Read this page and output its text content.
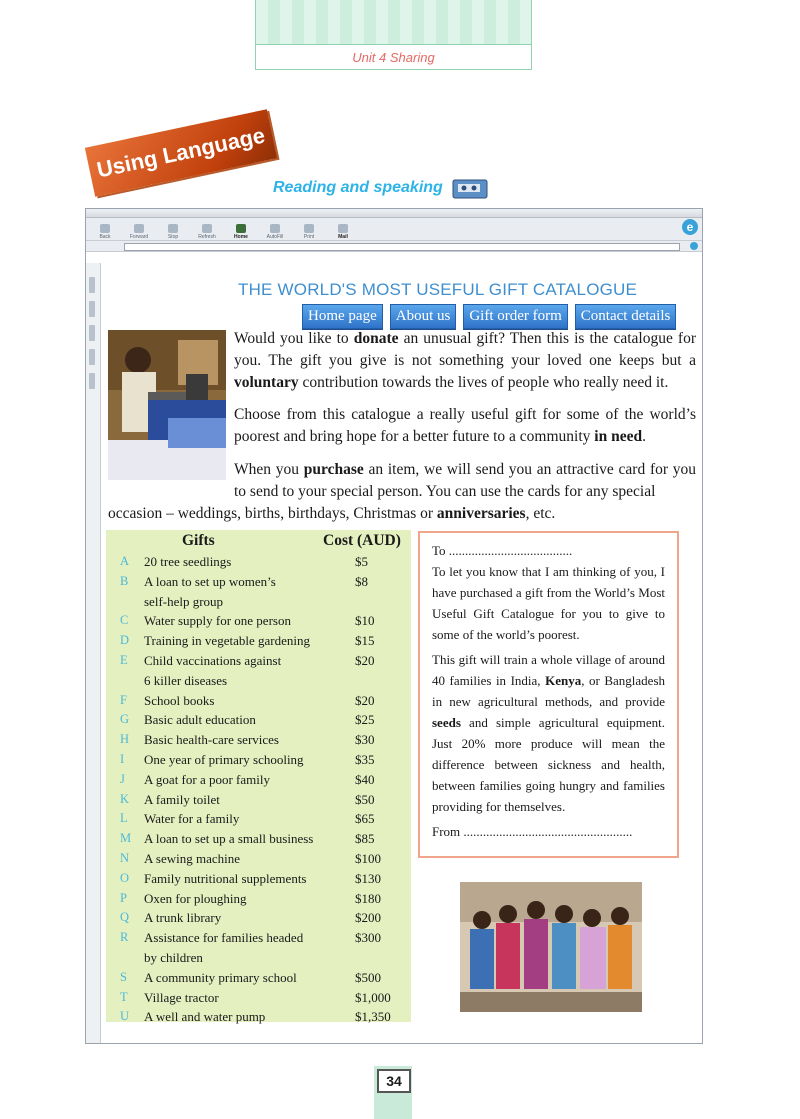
Unit 4 Sharing
Using Language
Reading and speaking
Back	Forward	Stop	Refresh	Home	AutoFill	Print	Mail
e
THE WORLD'S MOST USEFUL GIFT CATALOGUE
Home page	About us	Gift order form	Contact details
Would you like to donate an unusual gift? Then this is the catalogue for you. The gift you give is not something your loved one keeps but a voluntary contribution towards the lives of people who really need it.
Choose from this catalogue a really useful gift for some of the world’s poorest and bring hope for a better future to a community in need.
When you purchase an item, we will send you an attractive card for you to send to your special person. You can use the cards for any special
occasion – weddings, births, birthdays, Christmas or anniversaries, etc.
Gifts	Cost (AUD)
A 20 tree seedlings	$5
B A loan to set up women’s
self-help group
$8
C Water supply for one person	$10
D Training in vegetable gardening	$15
E Child vaccinations against
6 killer diseases
$20
F School books	$20
G Basic adult education	$25
H Basic health-care services	$30
I One year of primary schooling	$35
J A goat for a poor family	$40
K A family toilet	$50
L Water for a family	$65
M A loan to set up a small business	$85
N A sewing machine	$100
O Family nutritional supplements	$130
P Oxen for ploughing	$180
Q A trunk library	$200
R Assistance for families headed
by children
$300
S A community primary school	$500
T Village tractor	$1,000
U A well and water pump	$1,350

To ......................................

To let you know that I am thinking of you, I have purchased a gift from the World’s Most Useful Gift Catalogue for you to give to some of the world’s poorest.

This gift will train a whole village of around 40 families in India, Kenya, or Bangladesh in new agricultural methods, and provide seeds and simple agricultural equipment. Just 20% more produce will mean the difference between sickness and health, between families going hungry and families providing for themselves.

From ....................................................

34
